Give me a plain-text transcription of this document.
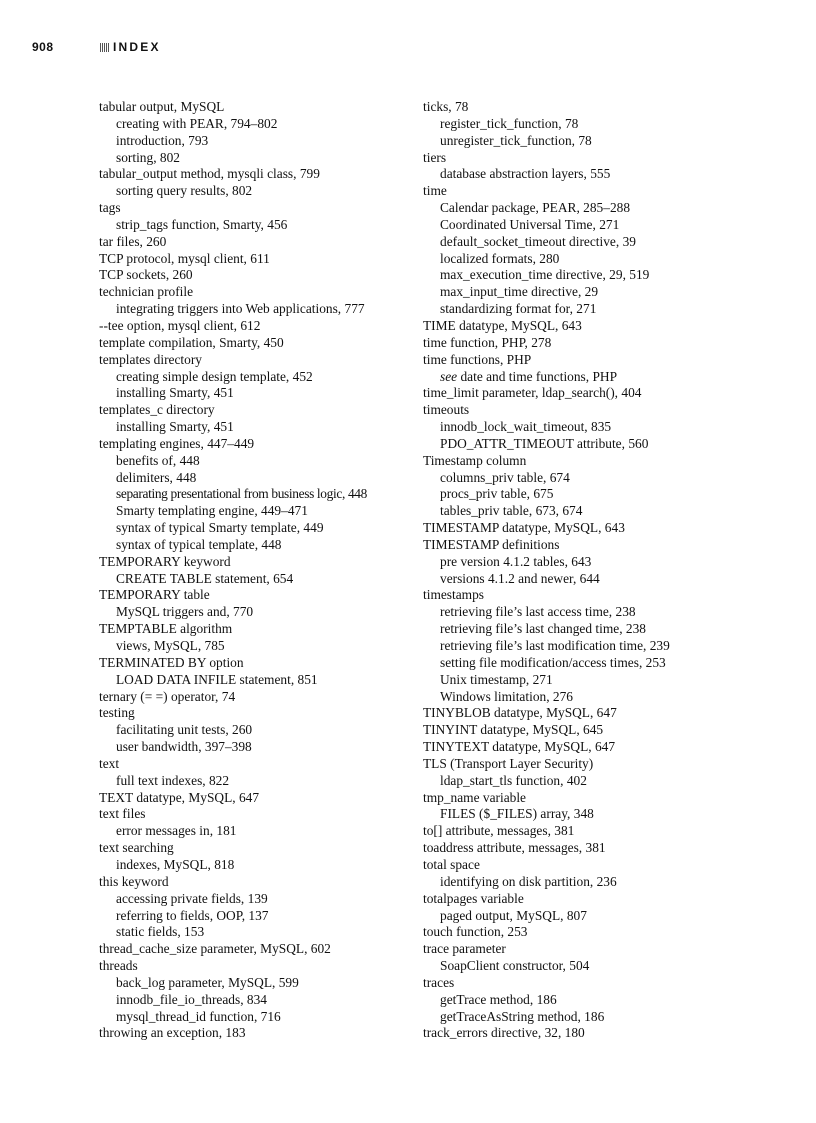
908	INDEX
tabular output, MySQL
creating with PEAR, 794–802
introduction, 793
sorting, 802
tabular_output method, mysqli class, 799
sorting query results, 802
tags
strip_tags function, Smarty, 456
tar files, 260
TCP protocol, mysql client, 611
TCP sockets, 260
technician profile
integrating triggers into Web applications, 777
--tee option, mysql client, 612
template compilation, Smarty, 450
templates directory
creating simple design template, 452
installing Smarty, 451
templates_c directory
installing Smarty, 451
templating engines, 447–449
benefits of, 448
delimiters, 448
separating presentational from business logic, 448
Smarty templating engine, 449–471
syntax of typical Smarty template, 449
syntax of typical template, 448
TEMPORARY keyword
CREATE TABLE statement, 654
TEMPORARY table
MySQL triggers and, 770
TEMPTABLE algorithm
views, MySQL, 785
TERMINATED BY option
LOAD DATA INFILE statement, 851
ternary (= =) operator, 74
testing
facilitating unit tests, 260
user bandwidth, 397–398
text
full text indexes, 822
TEXT datatype, MySQL, 647
text files
error messages in, 181
text searching
indexes, MySQL, 818
this keyword
accessing private fields, 139
referring to fields, OOP, 137
static fields, 153
thread_cache_size parameter, MySQL, 602
threads
back_log parameter, MySQL, 599
innodb_file_io_threads, 834
mysql_thread_id function, 716
throwing an exception, 183
ticks, 78
register_tick_function, 78
unregister_tick_function, 78
tiers
database abstraction layers, 555
time
Calendar package, PEAR, 285–288
Coordinated Universal Time, 271
default_socket_timeout directive, 39
localized formats, 280
max_execution_time directive, 29, 519
max_input_time directive, 29
standardizing format for, 271
TIME datatype, MySQL, 643
time function, PHP, 278
time functions, PHP
see date and time functions, PHP
time_limit parameter, ldap_search(), 404
timeouts
innodb_lock_wait_timeout, 835
PDO_ATTR_TIMEOUT attribute, 560
Timestamp column
columns_priv table, 674
procs_priv table, 675
tables_priv table, 673, 674
TIMESTAMP datatype, MySQL, 643
TIMESTAMP definitions
pre version 4.1.2 tables, 643
versions 4.1.2 and newer, 644
timestamps
retrieving file’s last access time, 238
retrieving file’s last changed time, 238
retrieving file’s last modification time, 239
setting file modification/access times, 253
Unix timestamp, 271
Windows limitation, 276
TINYBLOB datatype, MySQL, 647
TINYINT datatype, MySQL, 645
TINYTEXT datatype, MySQL, 647
TLS (Transport Layer Security)
ldap_start_tls function, 402
tmp_name variable
FILES ($_FILES) array, 348
to[] attribute, messages, 381
toaddress attribute, messages, 381
total space
identifying on disk partition, 236
totalpages variable
paged output, MySQL, 807
touch function, 253
trace parameter
SoapClient constructor, 504
traces
getTrace method, 186
getTraceAsString method, 186
track_errors directive, 32, 180
